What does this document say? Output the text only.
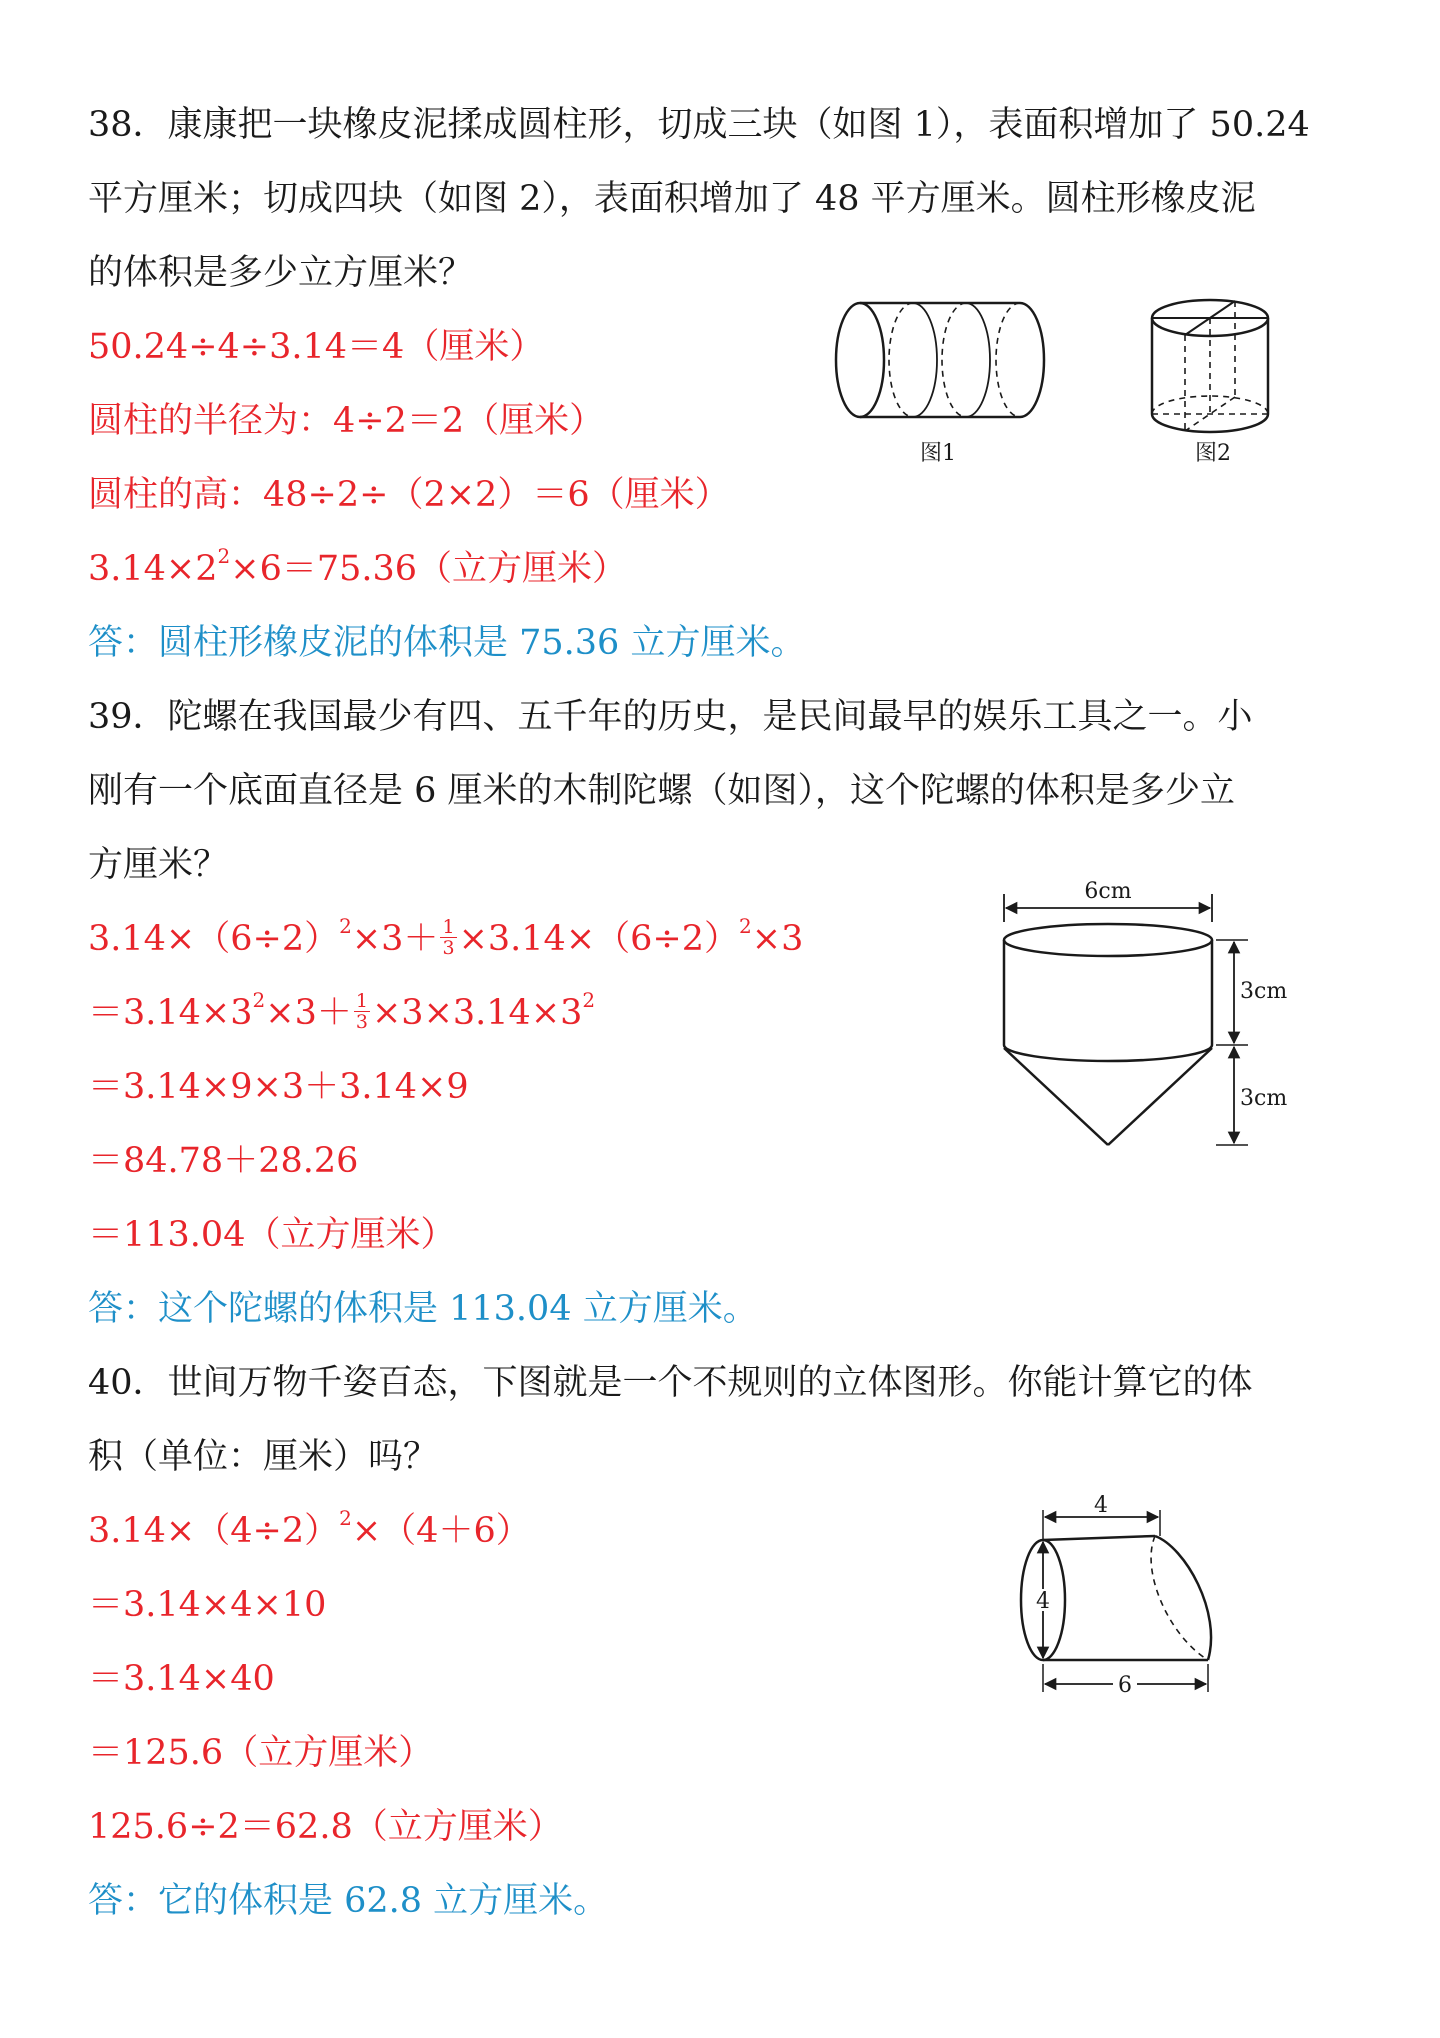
38．康康把一块橡皮泥揉成圆柱形，切成三块（如图 1），表面积增加了 50.24
平方厘米；切成四块（如图 2），表面积增加了 48 平方厘米。圆柱形橡皮泥
的体积是多少立方厘米？
50.24÷4÷3.14＝4（厘米）
圆柱的半径为：4÷2＝2（厘米）
圆柱的高：48÷2÷（2×2）＝6（厘米）
$3.14\times 2^2\times 6=75.36$（立方厘米）
答：圆柱形橡皮泥的体积是 75.36 立方厘米。
图1	图2
39．陀螺在我国最少有四、五千年的历史，是民间最早的娱乐工具之一。小
刚有一个底面直径是 6 厘米的木制陀螺（如图），这个陀螺的体积是多少立
方厘米？
$3.14\times(6\div 2)^2\times 3+ \frac{1}{3} \times 3.14\times(6\div 2)^2\times 3$
$=3.14\times 3^2\times 3+ \frac{1}{3} \times 3\times 3.14\times 3^2$
＝3.14×9×3＋3.14×9
＝84.78＋28.26
＝113.04（立方厘米）
答：这个陀螺的体积是 113.04 立方厘米。
6cm
3cm
3cm
40．世间万物千姿百态，下图就是一个不规则的立体图形。你能计算它的体
积（单位：厘米）吗？
$3.14\times(4\div 2)^2\times(4+6)$
＝3.14×4×10
＝3.14×40
＝125.6（立方厘米）
125.6÷2＝62.8（立方厘米）
答：它的体积是 62.8 立方厘米。
4
4
6
